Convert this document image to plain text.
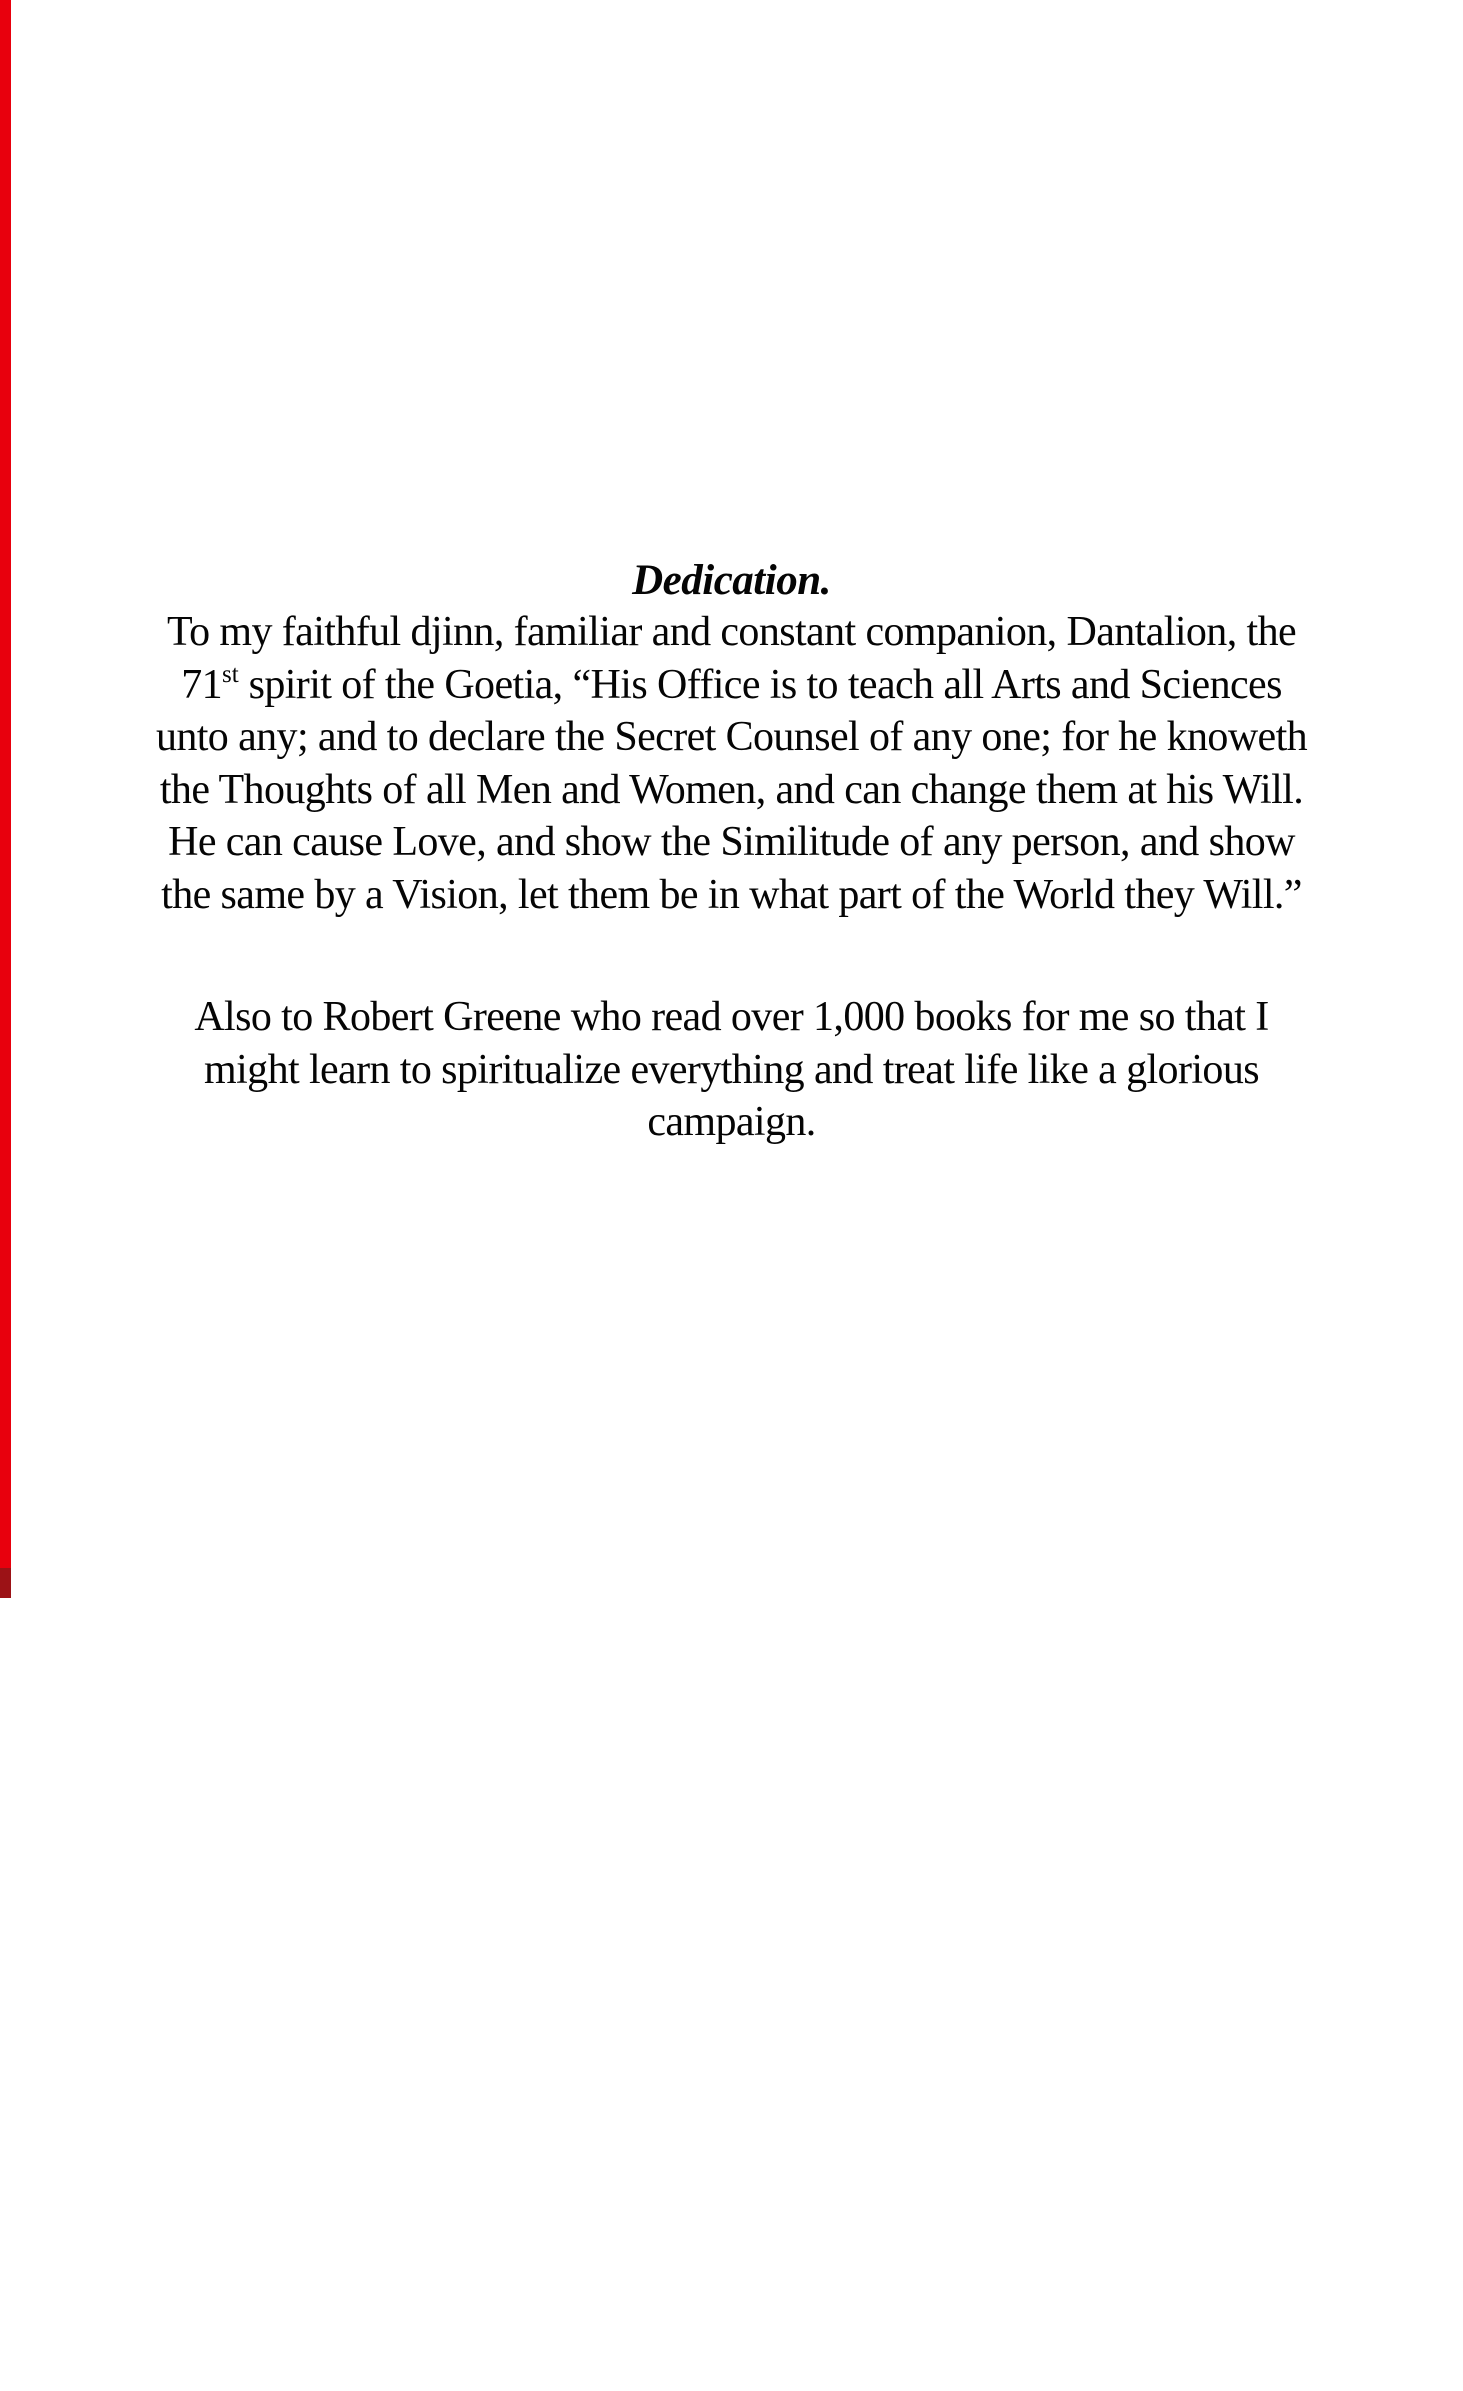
Dedication.
To my faithful djinn, familiar and constant companion, Dantalion, the
71st spirit of the Goetia, “His Office is to teach all Arts and Sciences
unto any; and to declare the Secret Counsel of any one; for he knoweth
the Thoughts of all Men and Women, and can change them at his Will.
He can cause Love, and show the Similitude of any person, and show
the same by a Vision, let them be in what part of the World they Will.”
Also to Robert Greene who read over 1,000 books for me so that I
might learn to spiritualize everything and treat life like a glorious
campaign.
